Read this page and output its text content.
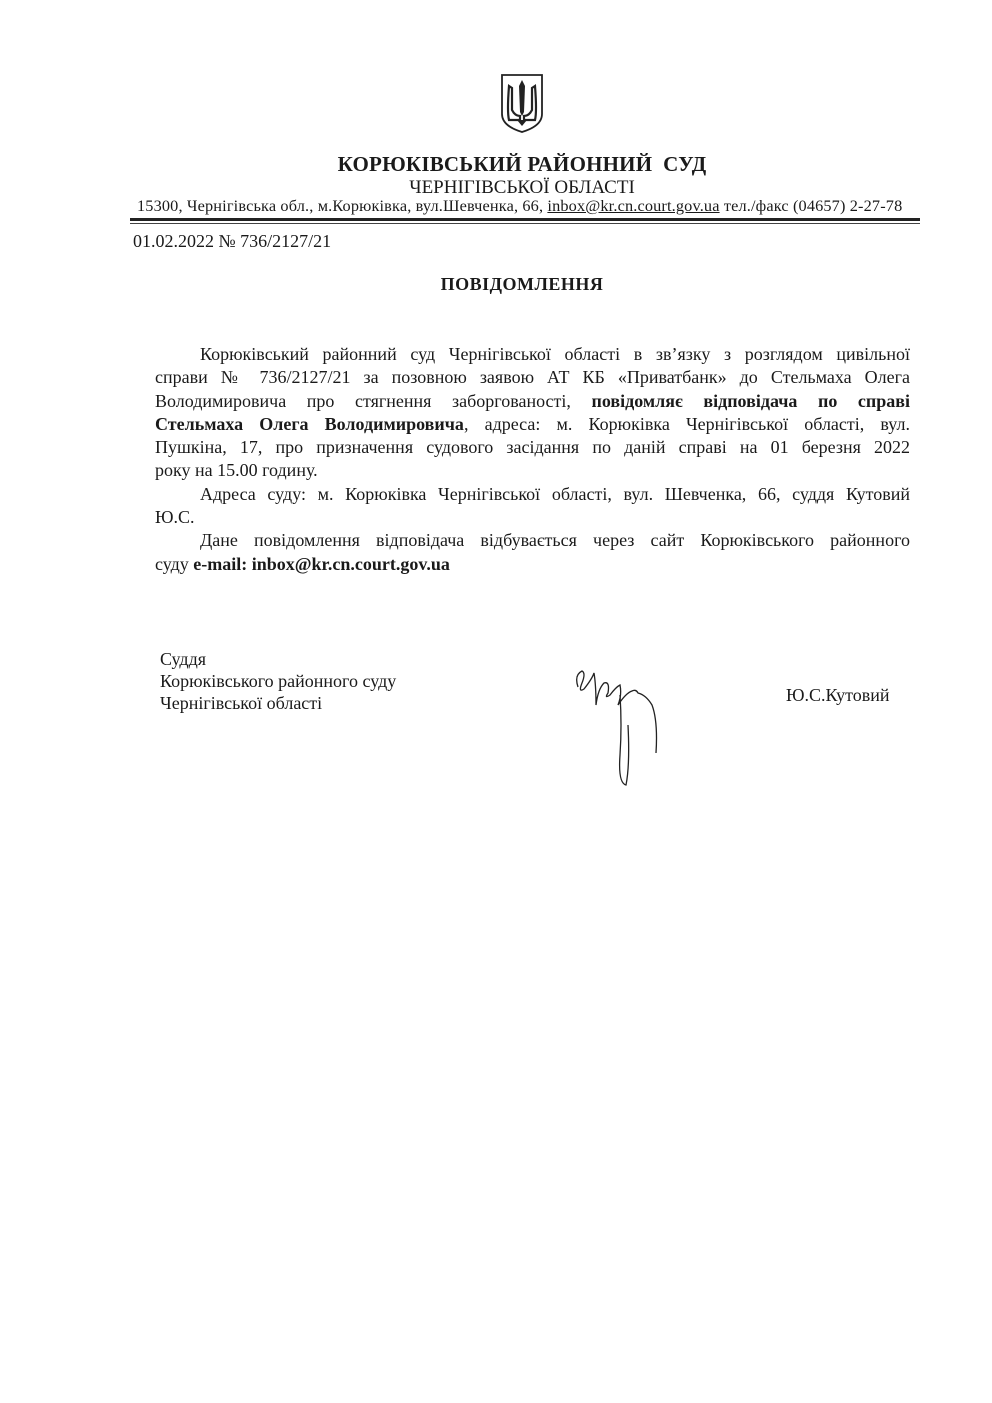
КОРЮКІВСЬКИЙ РАЙОННИЙ  СУД
ЧЕРНІГІВСЬКОЇ ОБЛАСТІ
15300, Чернігівська обл., м.Корюківка, вул.Шевченка, 66, inbox@kr.cn.court.gov.ua тел./факс (04657) 2-27-78
01.02.2022 № 736/2127/21
ПОВІДОМЛЕННЯ
Корюківський районний суд Чернігівської області в зв’язку з розглядом цивільної
справи № 736/2127/21 за позовною заявою АТ КБ «Приватбанк» до Стельмаха Олега
Володимировича про стягнення заборгованості, повідомляє відповідача по справі
Стельмаха Олега Володимировича, адреса: м. Корюківка Чернігівської області, вул.
Пушкіна, 17, про призначення судового засідання по даній справі на 01 березня 2022
року на 15.00 годину.
Адреса суду: м. Корюківка Чернігівської області, вул. Шевченка, 66, суддя Кутовий
Ю.С.
Дане повідомлення відповідача відбувається через сайт Корюківського районного
суду e-mail: inbox@kr.cn.court.gov.ua
Суддя
Корюківського районного суду
Чернігівської області	Ю.С.Кутовий
